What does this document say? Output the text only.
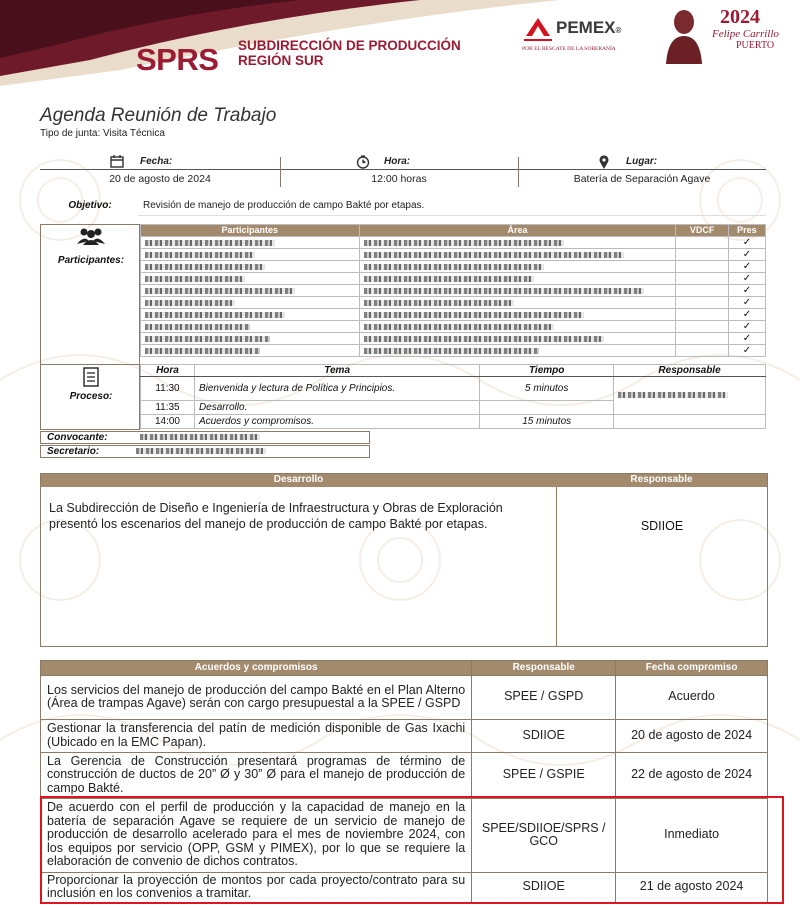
SPRS SUBDIRECCIÓN DE PRODUCCIÓN
REGIÓN SUR
PEMEX®
POR EL RESCATE DE LA SOBERANÍA
2024
Felipe Carrillo
PUERTO
Agenda Reunión de Trabajo
Tipo de junta: Visita Técnica
Fecha:	Hora:	Lugar:
20 de agosto de 2024	12:00 horas	Batería de Separación Agave
Objetivo:	Revisión de manejo de producción de campo Bakté por etapas.
Participantes:
Participantes	Área	VDCF	Pres
			✓
			✓
			✓
			✓
			✓
			✓
			✓
			✓
			✓
			✓
Proceso:
Hora	Tema	Tiempo	Responsable
11:30	Bienvenida y lectura de Política y Principios.	5 minutos	
11:35	Desarrollo.		
14:00	Acuerdos y compromisos.	15 minutos	
Convocante:
Secretario:
Desarrollo	Responsable
La Subdirección de Diseño e Ingeniería de Infraestructura y Obras de Exploración presentó los escenarios del manejo de producción de campo Bakté por etapas.	SDIIOE
Acuerdos y compromisos	Responsable	Fecha compromiso
Los servicios del manejo de producción del campo Bakté en el Plan Alterno (Área de trampas Agave) serán con cargo presupuestal a la SPEE / GSPD	SPEE / GSPD	Acuerdo
Gestionar la transferencia del patín de medición disponible de Gas Ixachi (Ubicado en la EMC Papan).	SDIIOE	20 de agosto de 2024
La Gerencia de Construcción presentará programas de término de construcción de ductos de 20” Ø y 30” Ø para el manejo de producción de campo Bakté.	SPEE / GSPIE	22 de agosto de 2024
De acuerdo con el perfil de producción y la capacidad de manejo en la batería de separación Agave se requiere de un servicio de manejo de producción de desarrollo acelerado para el mes de noviembre 2024, con los equipos por servicio (OPP, GSM y PIMEX), por lo que se requiere la elaboración de convenio de dichos contratos.	SPEE/SDIIOE/SPRS / GCO	Inmediato
Proporcionar la proyección de montos por cada proyecto/contrato para su inclusión en los convenios a tramitar.	SDIIOE	21 de agosto 2024
